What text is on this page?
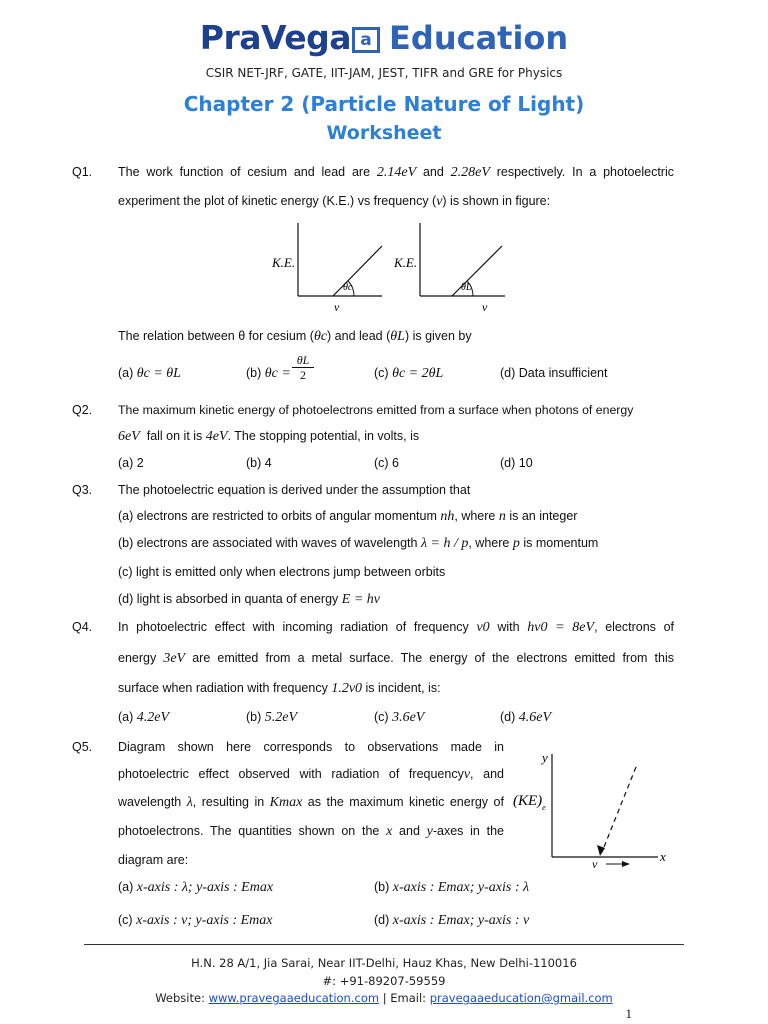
PraVega a Education
CSIR NET-JRF, GATE, IIT-JAM, JEST, TIFR and GRE for Physics
Chapter 2 (Particle Nature of Light)
Worksheet
Q1. The work function of cesium and lead are 2.14eV and 2.28eV respectively. In a photoelectric
experiment the plot of kinetic energy (K.E.) vs frequency (v) is shown in figure:
K.E.
θc
v
K.E.
θL
v
The relation between θ for cesium (θc) and lead (θL) is given by
(a) θc = θL	(b) $\theta c = \frac{\theta L}{2}$	(c) θc = 2θL	(d) Data insufficient
Q2. The maximum kinetic energy of photoelectrons emitted from a surface when photons of energy
6eV fall on it is 4eV. The stopping potential, in volts, is
(a) 2	(b) 4	(c) 6	(d) 10
Q3. The photoelectric equation is derived under the assumption that
(a) electrons are restricted to orbits of angular momentum nh, where n is an integer
(b) electrons are associated with waves of wavelength λ = h / p, where p is momentum
(c) light is emitted only when electrons jump between orbits
(d) light is absorbed in quanta of energy E = hv
Q4. In photoelectric effect with incoming radiation of frequency v0 with hv0 = 8eV, electrons of
energy 3eV are emitted from a metal surface. The energy of the electrons emitted from this
surface when radiation with frequency 1.2v0 is incident, is:
(a) 4.2eV	(b) 5.2eV	(c) 3.6eV	(d) 4.6eV
Q5. Diagram shown here corresponds to observations made in
photoelectric effect observed with radiation of frequencyv, and
wavelength λ, resulting in Kmax as the maximum kinetic energy of
photoelectrons. The quantities shown on the x and y-axes in the
diagram are:
y
x
$(KE)_e$
v
(a) x-axis : λ; y-axis : Emax	(b) x-axis : Emax; y-axis : λ
(c) x-axis : v; y-axis : Emax	(d) x-axis : Emax; y-axis : v
H.N. 28 A/1, Jia Sarai, Near IIT-Delhi, Hauz Khas, New Delhi-110016
#: +91-89207-59559
Website: www.pravegaaeducation.com | Email: pravegaaeducation@gmail.com
1
